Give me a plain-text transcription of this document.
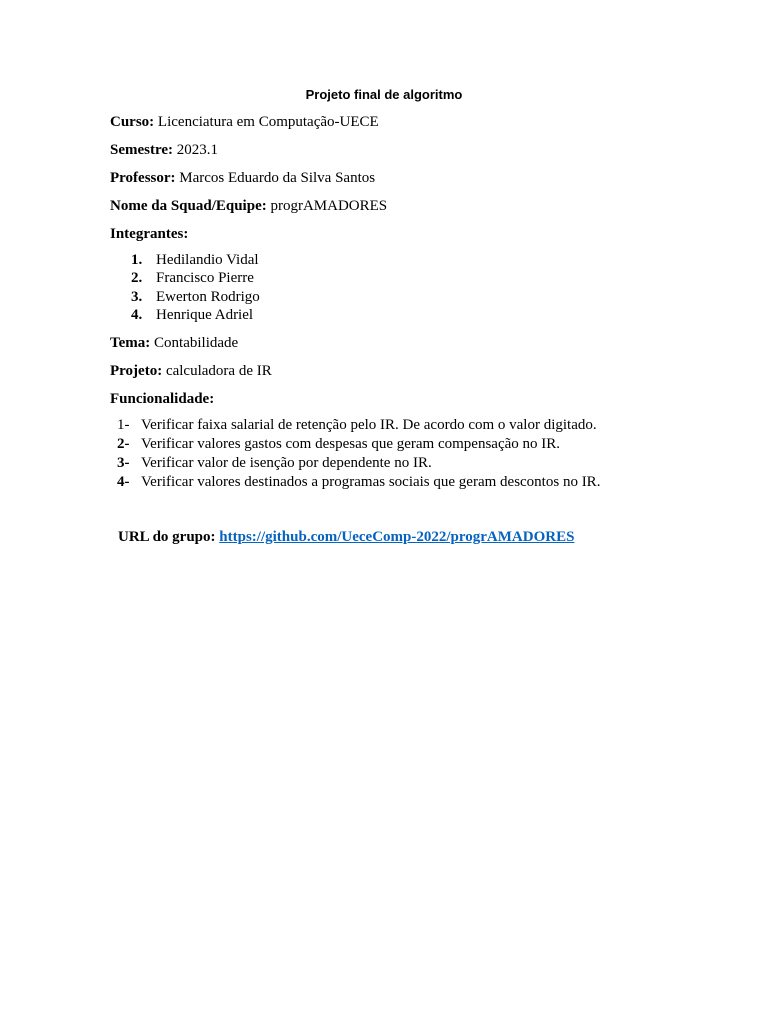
Projeto final de algoritmo
Curso: Licenciatura em Computação-UECE
Semestre: 2023.1
Professor: Marcos Eduardo da Silva Santos
Nome da Squad/Equipe: progrAMADORES
Integrantes:
1. Hedilandio Vidal
2. Francisco Pierre
3. Ewerton Rodrigo
4. Henrique Adriel
Tema: Contabilidade
Projeto: calculadora de IR
Funcionalidade:
1- Verificar faixa salarial de retenção pelo IR. De acordo com o valor digitado.
2- Verificar valores gastos com despesas que geram compensação no IR.
3- Verificar valor de isenção por dependente no IR.
4- Verificar valores destinados a programas sociais que geram descontos no IR.
URL do grupo: https://github.com/UeceComp-2022/progrAMADORES
